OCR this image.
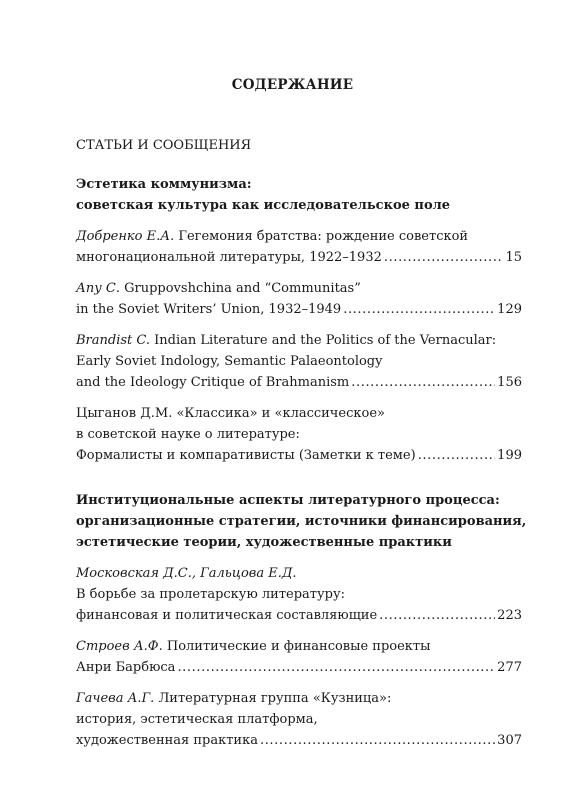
СОДЕРЖАНИЕ
СТАТЬИ И СООБЩЕНИЯ
Эстетика коммунизма:
советская культура как исследовательское поле
Добренко Е.А. Гегемония братства: рождение советской
многонациональной литературы, 1922–1932 .....	15
Апу С. Gruppovshchina and “Communitas”
in the Soviet Writers’ Union, 1932–1949 .....	129
Brandist C. Indian Literature and the Politics of the Vernacular:
Early Soviet Indology, Semantic Palaeontology
and the Ideology Critique of Brahmanism .....	156
Цыганов Д.М. «Классика» и «классическое»
в советской науке о литературе:
Формалисты и компаративисты (Заметки к теме) .....	199
Институциональные аспекты литературного процесса:
организационные стратегии, источники финансирования,
эстетические теории, художественные практики
Московская Д.С., Гальцова Е.Д.
В борьбе за пролетарскую литературу:
финансовая и политическая составляющие .....	223
Строев А.Ф. Политические и финансовые проекты
Анри Барбюса .....	277
Гачева А.Г. Литературная группа «Кузница»:
история, эстетическая платформа,
художественная практика .....	307
